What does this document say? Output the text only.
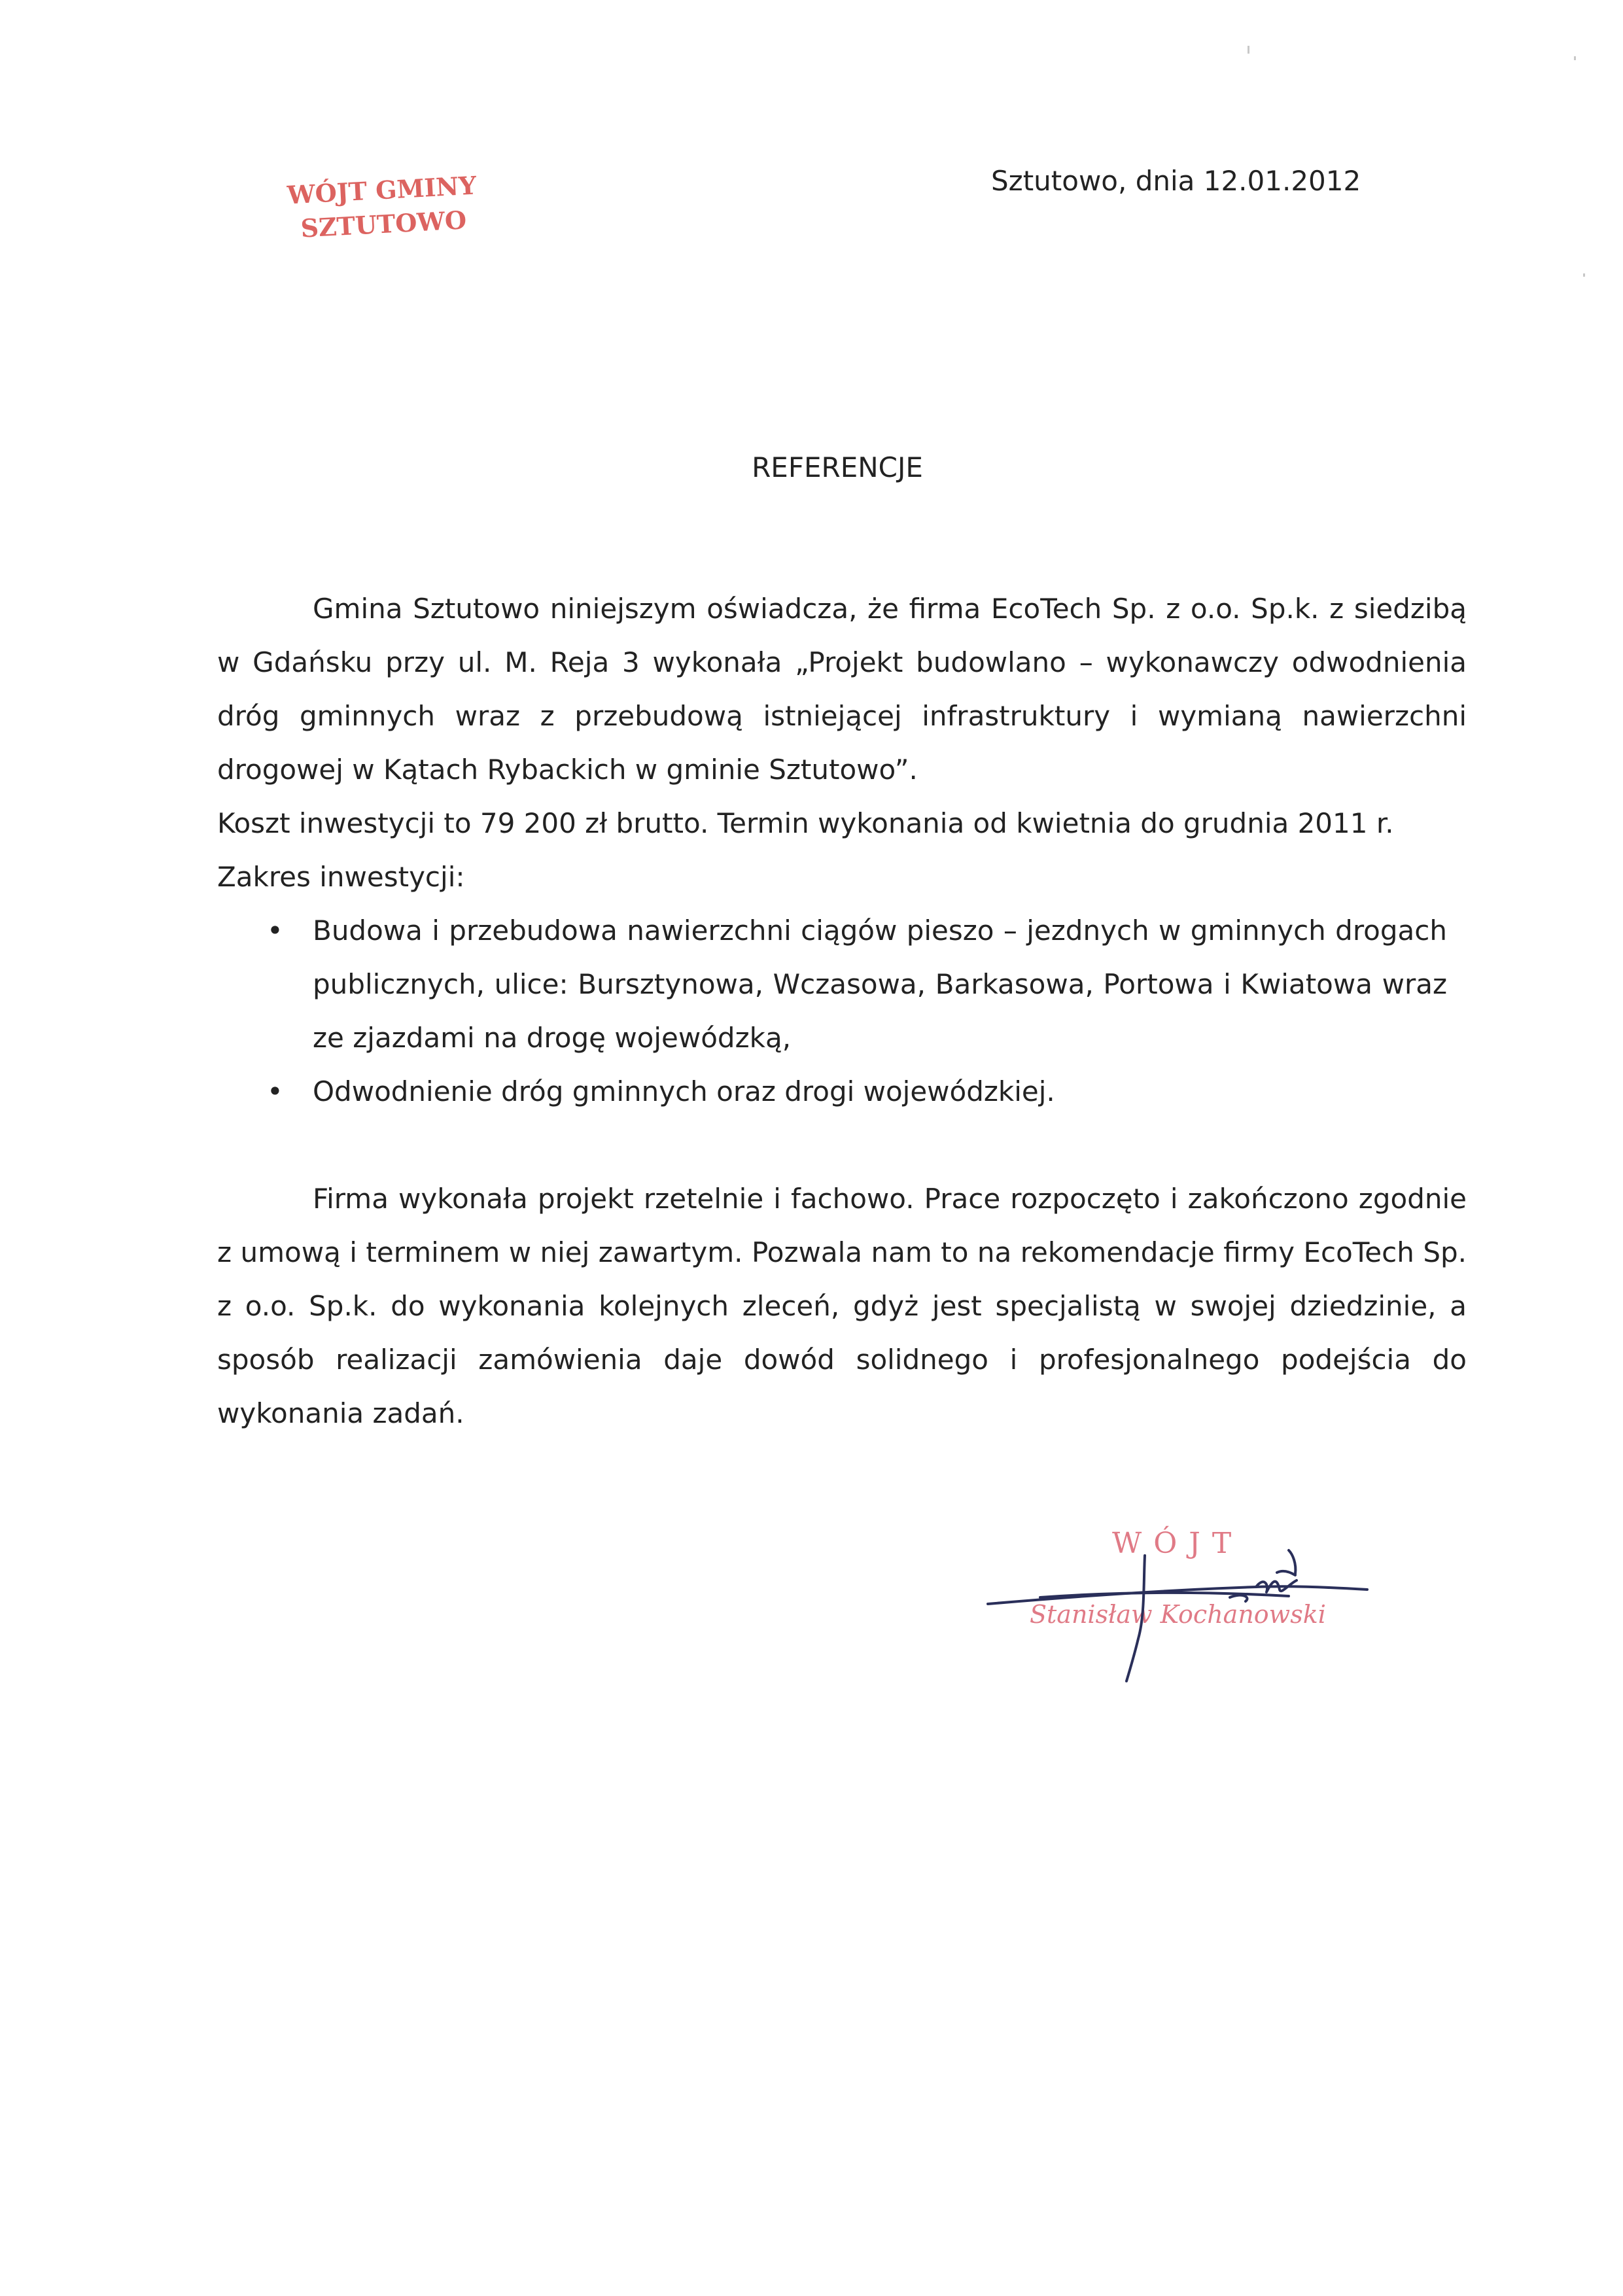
WÓJT GMINY
SZTUTOWO
Sztutowo, dnia 12.01.2012
REFERENCJE

Gmina Sztutowo niniejszym oświadcza, że firma EcoTech Sp. z o.o. Sp.k. z siedzibą w Gdańsku przy ul. M. Reja 3 wykonała „Projekt budowlano – wykonawczy odwodnienia dróg gminnych wraz z przebudową istniejącej infrastruktury i wymianą nawierzchni drogowej w Kątach Rybackich w gminie Sztutowo”.

Koszt inwestycji to 79 200 zł brutto. Termin wykonania od kwietnia do grudnia 2011 r.

Zakres inwestycji:

• Budowa i przebudowa nawierzchni ciągów pieszo – jezdnych w gminnych drogach publicznych, ulice: Bursztynowa, Wczasowa, Barkasowa, Portowa i Kwiatowa wraz ze zjazdami na drogę wojewódzką,
• Odwodnienie dróg gminnych oraz drogi wojewódzkiej.

Firma wykonała projekt rzetelnie i fachowo. Prace rozpoczęto i zakończono zgodnie z umową i terminem w niej zawartym. Pozwala nam to na rekomendacje firmy EcoTech Sp. z o.o. Sp.k. do wykonania kolejnych zleceń, gdyż jest specjalistą w swojej dziedzinie, a sposób realizacji zamówienia daje dowód solidnego i profesjonalnego podejścia do wykonania zadań.

WÓJT
Stanisław Kochanowski
